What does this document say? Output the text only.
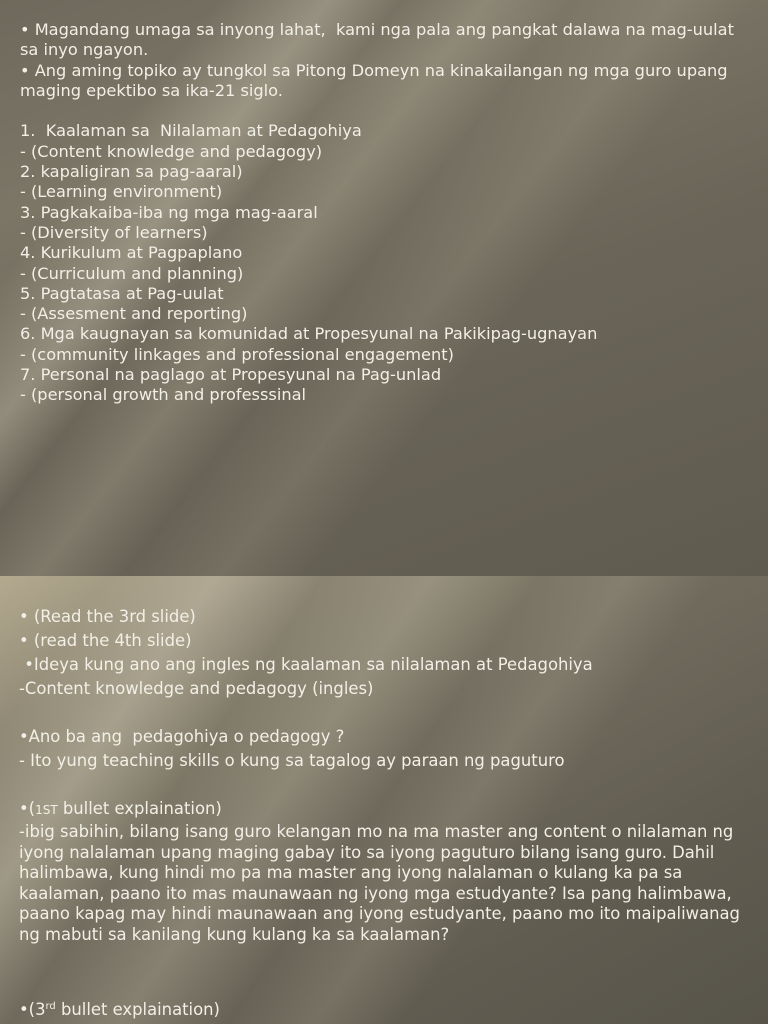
• Magandang umaga sa inyong lahat,  kami nga pala ang pangkat dalawa na mag-uulat sa inyo ngayon.
• Ang aming topiko ay tungkol sa Pitong Domeyn na kinakailangan ng mga guro upang maging epektibo sa ika-21 siglo.
1.  Kaalaman sa  Nilalaman at Pedagohiya
- (Content knowledge and pedagogy)
2. kapaligiran sa pag-aaral)
- (Learning environment)
3. Pagkakaiba-iba ng mga mag-aaral
- (Diversity of learners)
4. Kurikulum at Pagpaplano
- (Curriculum and planning)
5. Pagtatasa at Pag-uulat
- (Assesment and reporting)
6. Mga kaugnayan sa komunidad at Propesyunal na Pakikipag-ugnayan
- (community linkages and professional engagement)
7. Personal na paglago at Propesyunal na Pag-unlad
- (personal growth and professsinal
• (Read the 3rd slide)
• (read the 4th slide)
•Ideya kung ano ang ingles ng kaalaman sa nilalaman at Pedagohiya
-Content knowledge and pedagogy (ingles)
•Ano ba ang  pedagohiya o pedagogy ?
- Ito yung teaching skills o kung sa tagalog ay paraan ng paguturo
•(1ST bullet explaination)
-ibig sabihin, bilang isang guro kelangan mo na ma master ang content o nilalaman ng iyong nalalaman upang maging gabay ito sa iyong paguturo bilang isang guro. Dahil halimbawa, kung hindi mo pa ma master ang iyong nalalaman o kulang ka pa sa kaalaman, paano ito mas maunawaan ng iyong mga estudyante? Isa pang halimbawa, paano kapag may hindi maunawaan ang iyong estudyante, paano mo ito maipaliwanag ng mabuti sa kanilang kung kulang ka sa kaalaman?
•(3rd bullet explaination)
